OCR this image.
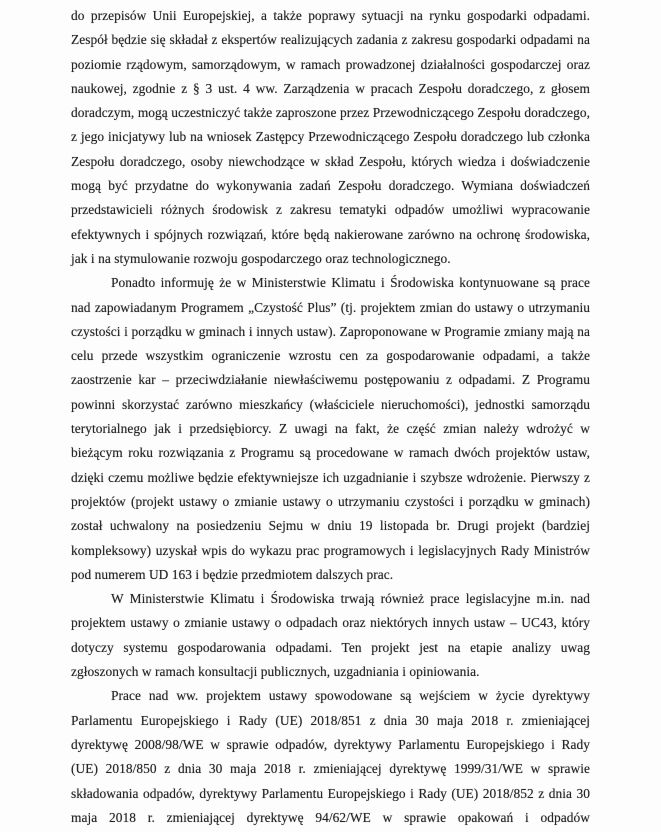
do przepisów Unii Europejskiej, a także poprawy sytuacji na rynku gospodarki odpadami. Zespół będzie się składał z ekspertów realizujących zadania z zakresu gospodarki odpadami na poziomie rządowym, samorządowym, w ramach prowadzonej działalności gospodarczej oraz naukowej, zgodnie z § 3 ust. 4 ww. Zarządzenia w pracach Zespołu doradczego, z głosem doradczym, mogą uczestniczyć także zaproszone przez Przewodniczącego Zespołu doradczego, z jego inicjatywy lub na wniosek Zastępcy Przewodniczącego Zespołu doradczego lub członka Zespołu doradczego, osoby niewchodzące w skład Zespołu, których wiedza i doświadczenie mogą być przydatne do wykonywania zadań Zespołu doradczego. Wymiana doświadczeń przedstawicieli różnych środowisk z zakresu tematyki odpadów umożliwi wypracowanie efektywnych i spójnych rozwiązań, które będą nakierowane zarówno na ochronę środowiska, jak i na stymulowanie rozwoju gospodarczego oraz technologicznego.

Ponadto informuję że w Ministerstwie Klimatu i Środowiska kontynuowane są prace nad zapowiadanym Programem „Czystość Plus” (tj. projektem zmian do ustawy o utrzymaniu czystości i porządku w gminach i innych ustaw). Zaproponowane w Programie zmiany mają na celu przede wszystkim ograniczenie wzrostu cen za gospodarowanie odpadami, a także zaostrzenie kar – przeciwdziałanie niewłaściwemu postępowaniu z odpadami. Z Programu powinni skorzystać zarówno mieszkańcy (właściciele nieruchomości), jednostki samorządu terytorialnego jak i przedsiębiorcy. Z uwagi na fakt, że część zmian należy wdrożyć w bieżącym roku rozwiązania z Programu są procedowane w ramach dwóch projektów ustaw, dzięki czemu możliwe będzie efektywniejsze ich uzgadnianie i szybsze wdrożenie. Pierwszy z projektów (projekt ustawy o zmianie ustawy o utrzymaniu czystości i porządku w gminach) został uchwalony na posiedzeniu Sejmu w dniu 19 listopada br. Drugi projekt (bardziej kompleksowy) uzyskał wpis do wykazu prac programowych i legislacyjnych Rady Ministrów pod numerem UD 163 i będzie przedmiotem dalszych prac.

W Ministerstwie Klimatu i Środowiska trwają również prace legislacyjne m.in. nad projektem ustawy o zmianie ustawy o odpadach oraz niektórych innych ustaw – UC43, który dotyczy systemu gospodarowania odpadami. Ten projekt jest na etapie analizy uwag zgłoszonych w ramach konsultacji publicznych, uzgadniania i opiniowania.

Prace nad ww. projektem ustawy spowodowane są wejściem w życie dyrektywy Parlamentu Europejskiego i Rady (UE) 2018/851 z dnia 30 maja 2018 r. zmieniającej dyrektywę 2008/98/WE w sprawie odpadów, dyrektywy Parlamentu Europejskiego i Rady (UE) 2018/850 z dnia 30 maja 2018 r. zmieniającej dyrektywę 1999/31/WE w sprawie składowania odpadów, dyrektywy Parlamentu Europejskiego i Rady (UE) 2018/852 z dnia 30 maja 2018 r. zmieniającej dyrektywę 94/62/WE w sprawie opakowań i odpadów
